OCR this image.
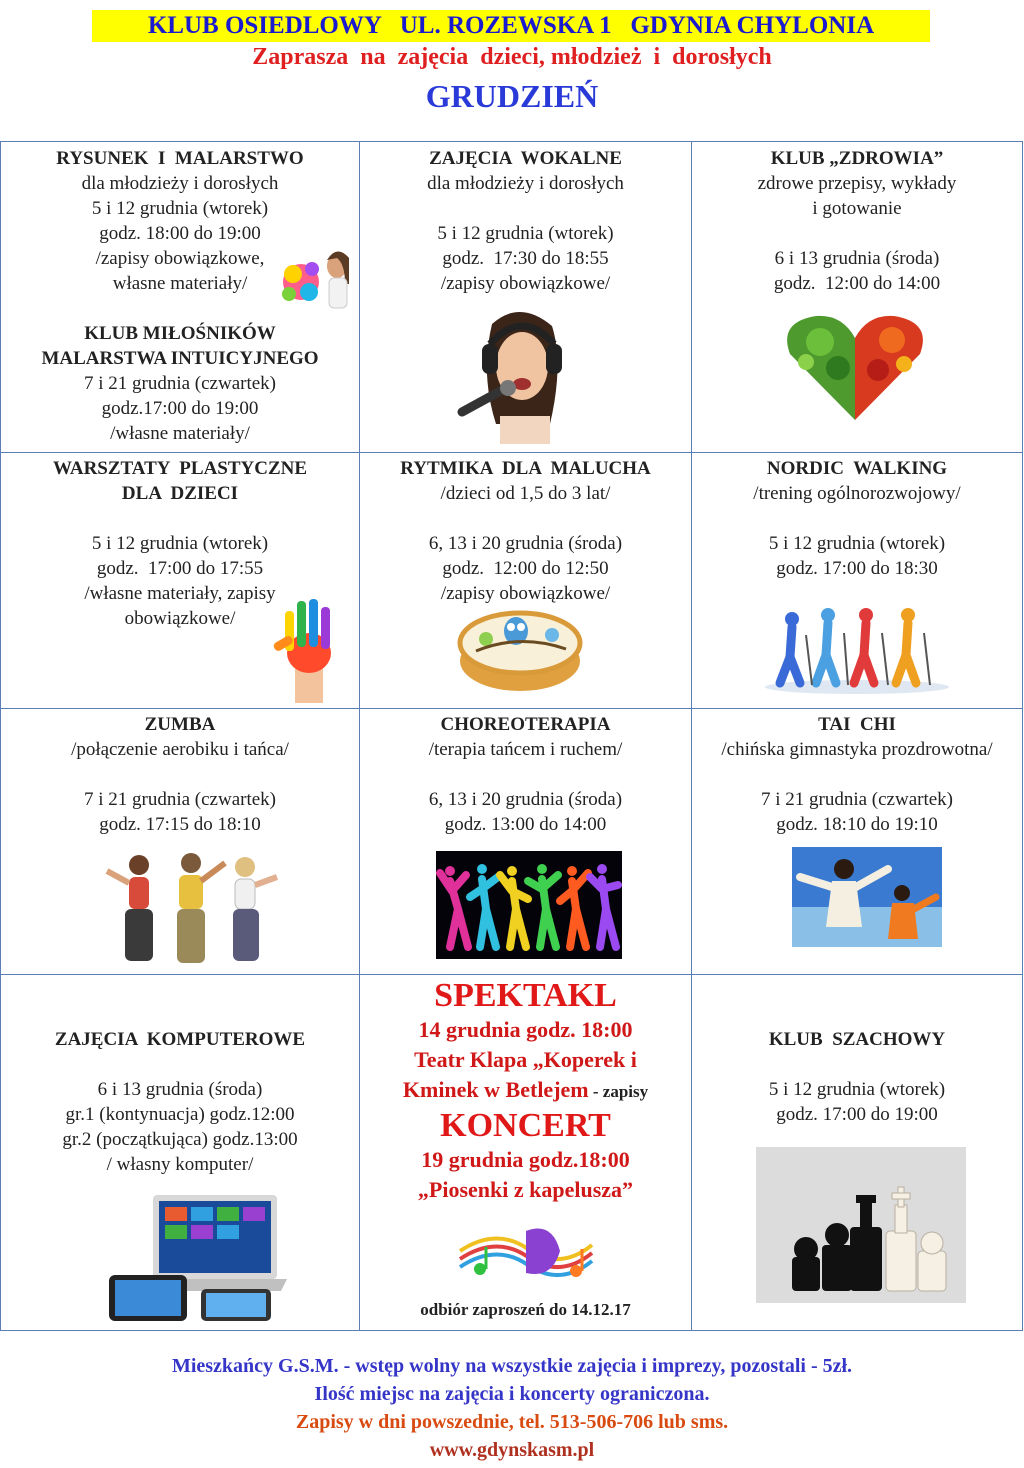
KLUB OSIEDLOWY   UL. ROZEWSKA 1   GDYNIA CHYLONIA
Zaprasza  na  zajęcia  dzieci, młodzież  i  dorosłych
GRUDZIEŃ
RYSUNEK  I  MALARSTWO
dla młodzieży i dorosłych
5 i 12 grudnia (wtorek)
godz. 18:00 do 19:00
/zapisy obowiązkowe,
własne materiały/
KLUB MIŁOŚNIKÓW
MALARSTWA INTUICYJNEGO
7 i 21 grudnia (czwartek)
godz.17:00 do 19:00
/własne materiały/
ZAJĘCIA  WOKALNE
dla młodzieży i dorosłych
5 i 12 grudnia (wtorek)
godz.  17:30 do 18:55
/zapisy obowiązkowe/
KLUB „ZDROWIA”
zdrowe przepisy, wykłady
i gotowanie
6 i 13 grudnia (środa)
godz.  12:00 do 14:00
WARSZTATY  PLASTYCZNE
DLA  DZIECI
5 i 12 grudnia (wtorek)
godz.  17:00 do 17:55
/własne materiały, zapisy
obowiązkowe/
RYTMIKA  DLA  MALUCHA
/dzieci od 1,5 do 3 lat/
6, 13 i 20 grudnia (środa)
godz.  12:00 do 12:50
/zapisy obowiązkowe/
NORDIC  WALKING
/trening ogólnorozwojowy/
5 i 12 grudnia (wtorek)
godz. 17:00 do 18:30
ZUMBA
/połączenie aerobiku i tańca/
7 i 21 grudnia (czwartek)
godz. 17:15 do 18:10
CHOREOTERAPIA
/terapia tańcem i ruchem/
6, 13 i 20 grudnia (środa)
godz. 13:00 do 14:00
TAI  CHI
/chińska gimnastyka prozdrowotna/
7 i 21 grudnia (czwartek)
godz. 18:10 do 19:10
ZAJĘCIA  KOMPUTEROWE
6 i 13 grudnia (środa)
gr.1 (kontynuacja) godz.12:00
gr.2 (początkująca) godz.13:00
/ własny komputer/
SPEKTAKL
14 grudnia godz. 18:00
Teatr Klapa „Koperek i
Kminek w Betlejem - zapisy
KONCERT
19 grudnia godz.18:00
„Piosenki z kapelusza”
odbiór zaproszeń do 14.12.17
KLUB  SZACHOWY
5 i 12 grudnia (wtorek)
godz. 17:00 do 19:00
Mieszkańcy G.S.M. - wstęp wolny na wszystkie zajęcia i imprezy, pozostali - 5zł.
Ilość miejsc na zajęcia i koncerty ograniczona.
Zapisy w dni powszednie, tel. 513-506-706 lub sms.
www.gdynskasm.pl
